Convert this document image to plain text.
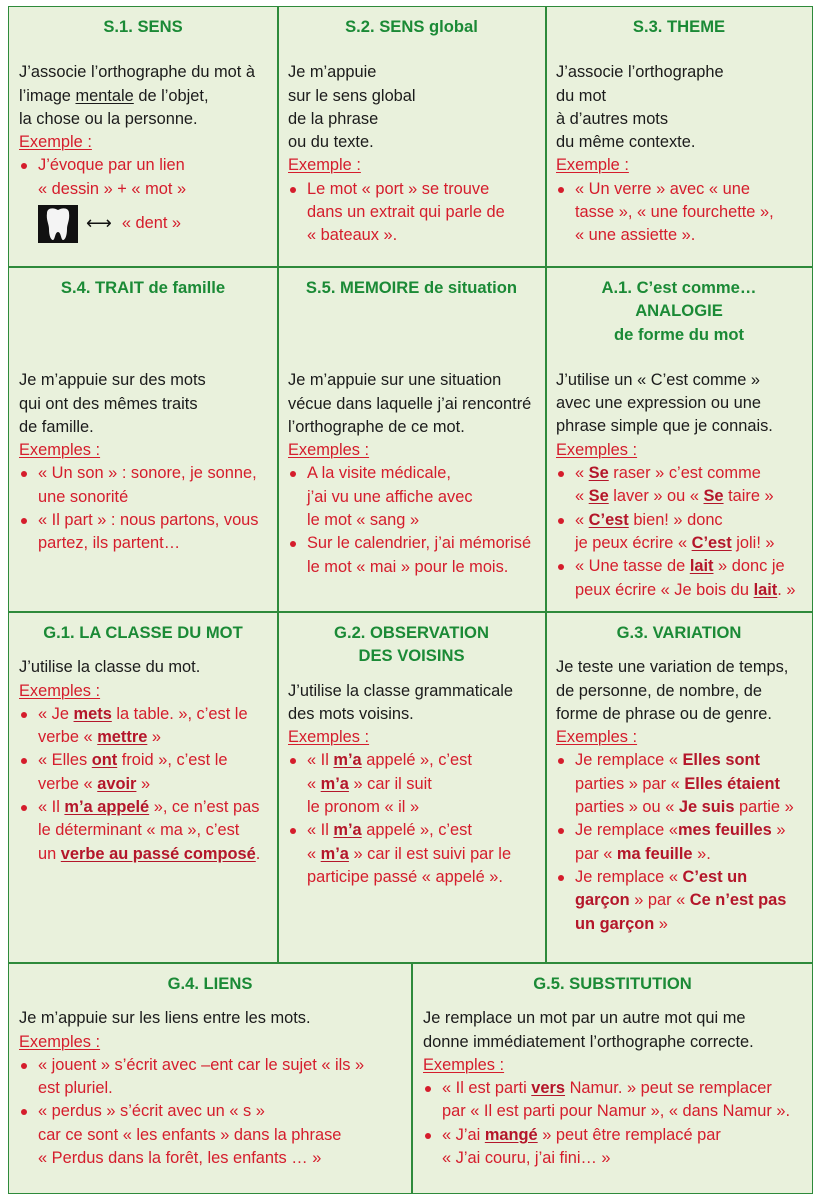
S.1. SENS
J’associe l’orthographe du mot à
l’image mentale de l’objet,
la chose ou la personne.
Exemple :
J’évoque par un lien
« dessin » + « mot »
⟷ « dent »
S.2. SENS global
Je m’appuie
sur le sens global
de la phrase
ou du texte.
Exemple :
Le mot « port » se trouve
dans un extrait qui parle de
« bateaux ».
S.3. THEME
J’associe l’orthographe
du mot
à d’autres mots
du même contexte.
Exemple :
« Un verre » avec « une
tasse », « une fourchette »,
« une assiette ».
S.4. TRAIT de famille
Je m’appuie sur des mots
qui ont des mêmes traits
de famille.
Exemples :
« Un son » : sonore, je sonne,
une sonorité
« Il part » : nous partons, vous
partez, ils partent…
S.5. MEMOIRE de situation
Je m’appuie sur une situation
vécue dans laquelle j’ai rencontré
l’orthographe de ce mot.
Exemples :
A la visite médicale,
j’ai vu une affiche avec
le mot « sang »
Sur le calendrier, j’ai mémorisé
le mot « mai » pour le mois.
A.1. C’est comme…
ANALOGIE
de forme du mot
J’utilise un « C’est comme »
avec une expression ou une
phrase simple que je connais.
Exemples :
« Se raser » c’est comme
« Se laver » ou « Se taire »
« C’est bien! » donc
je peux écrire « C’est joli! »
« Une tasse de lait » donc je
peux écrire « Je bois du lait. »
G.1. LA CLASSE DU MOT
J’utilise la classe du mot.
Exemples :
« Je mets la table. », c’est le
verbe « mettre »
« Elles ont froid », c’est le
verbe « avoir »
« Il m’a appelé », ce n’est pas
le déterminant « ma », c’est
un verbe au passé composé.
G.2. OBSERVATION
DES VOISINS
J’utilise la classe grammaticale
des mots voisins.
Exemples :
« Il m’a appelé », c’est
« m’a » car il suit
le pronom « il »
« Il m’a appelé », c’est
« m’a » car il est suivi par le
participe passé « appelé ».
G.3. VARIATION
Je teste une variation de temps,
de personne, de nombre, de
forme de phrase ou de genre.
Exemples :
Je remplace « Elles sont
parties » par « Elles étaient
parties » ou « Je suis partie »
Je remplace «mes feuilles »
par « ma feuille ».
Je remplace « C’est un
garçon » par « Ce n’est pas
un garçon »
G.4. LIENS
Je m’appuie sur les liens entre les mots.
Exemples :
« jouent » s’écrit avec –ent car le sujet « ils »
est pluriel.
« perdus » s’écrit avec un « s »
car ce sont « les enfants » dans la phrase
« Perdus dans la forêt, les enfants … »
G.5. SUBSTITUTION
Je remplace un mot par un autre mot qui me
donne immédiatement l’orthographe correcte.
Exemples :
« Il est parti vers Namur. » peut se remplacer
par « Il est parti pour Namur », « dans Namur ».
« J’ai mangé » peut être remplacé par
« J’ai couru, j’ai fini… »
